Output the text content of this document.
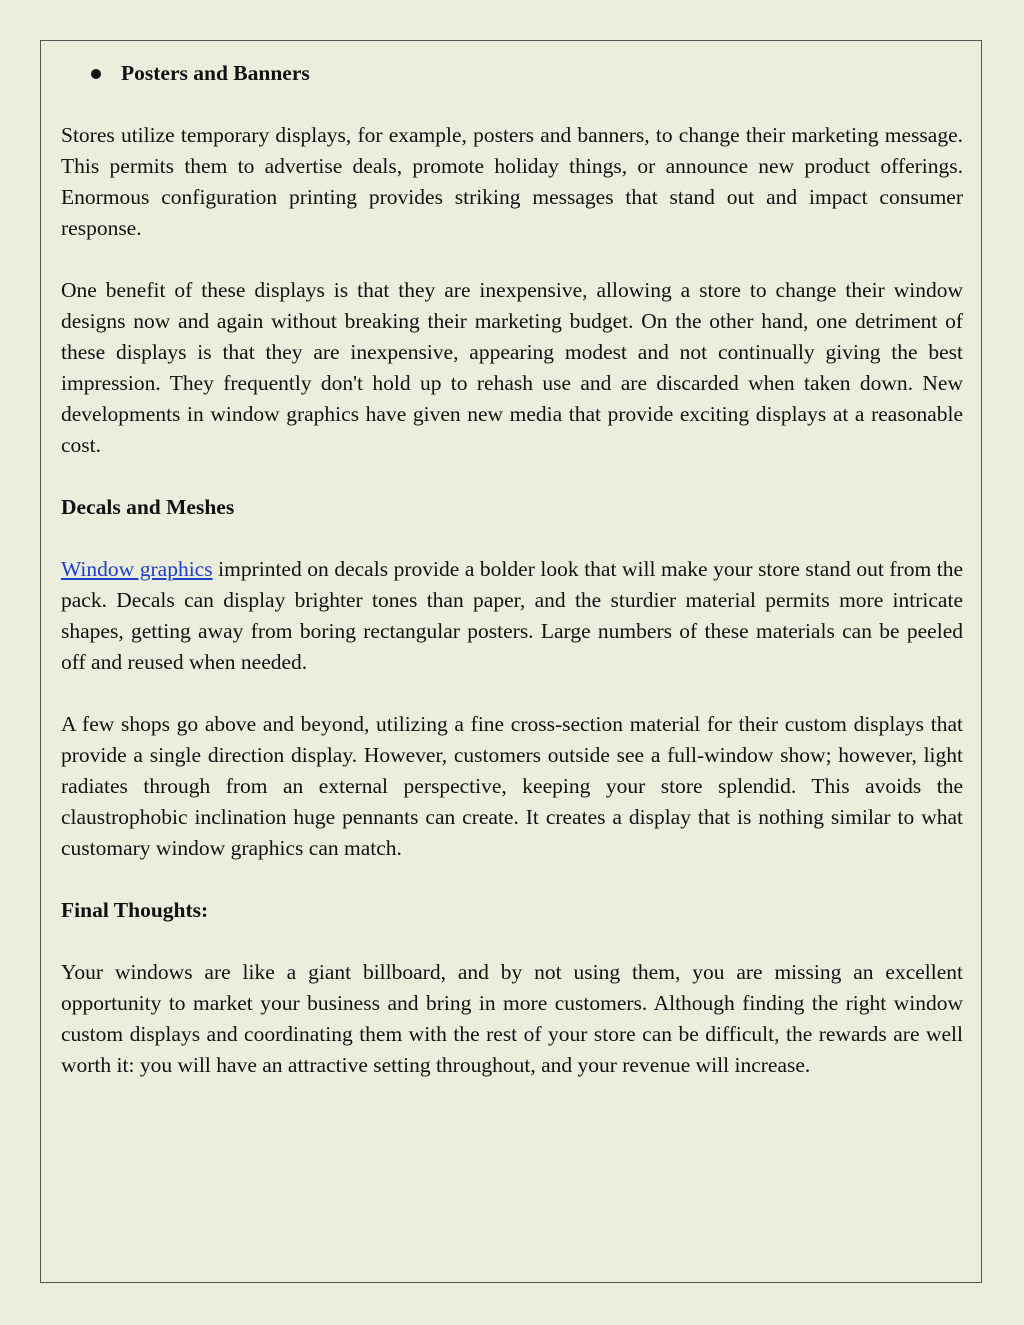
Posters and Banners

Stores utilize temporary displays, for example, posters and banners, to change their marketing message. This permits them to advertise deals, promote holiday things, or announce new product offerings. Enormous configuration printing provides striking messages that stand out and impact consumer response.

One benefit of these displays is that they are inexpensive, allowing a store to change their window designs now and again without breaking their marketing budget. On the other hand, one detriment of these displays is that they are inexpensive, appearing modest and not continually giving the best impression. They frequently don't hold up to rehash use and are discarded when taken down. New developments in window graphics have given new media that provide exciting displays at a reasonable cost.

Decals and Meshes

Window graphics imprinted on decals provide a bolder look that will make your store stand out from the pack. Decals can display brighter tones than paper, and the sturdier material permits more intricate shapes, getting away from boring rectangular posters. Large numbers of these materials can be peeled off and reused when needed.

A few shops go above and beyond, utilizing a fine cross-section material for their custom displays that provide a single direction display. However, customers outside see a full-window show; however, light radiates through from an external perspective, keeping your store splendid. This avoids the claustrophobic inclination huge pennants can create. It creates a display that is nothing similar to what customary window graphics can match.

Final Thoughts:

Your windows are like a giant billboard, and by not using them, you are missing an excellent opportunity to market your business and bring in more customers. Although finding the right window custom displays and coordinating them with the rest of your store can be difficult, the rewards are well worth it: you will have an attractive setting throughout, and your revenue will increase.
